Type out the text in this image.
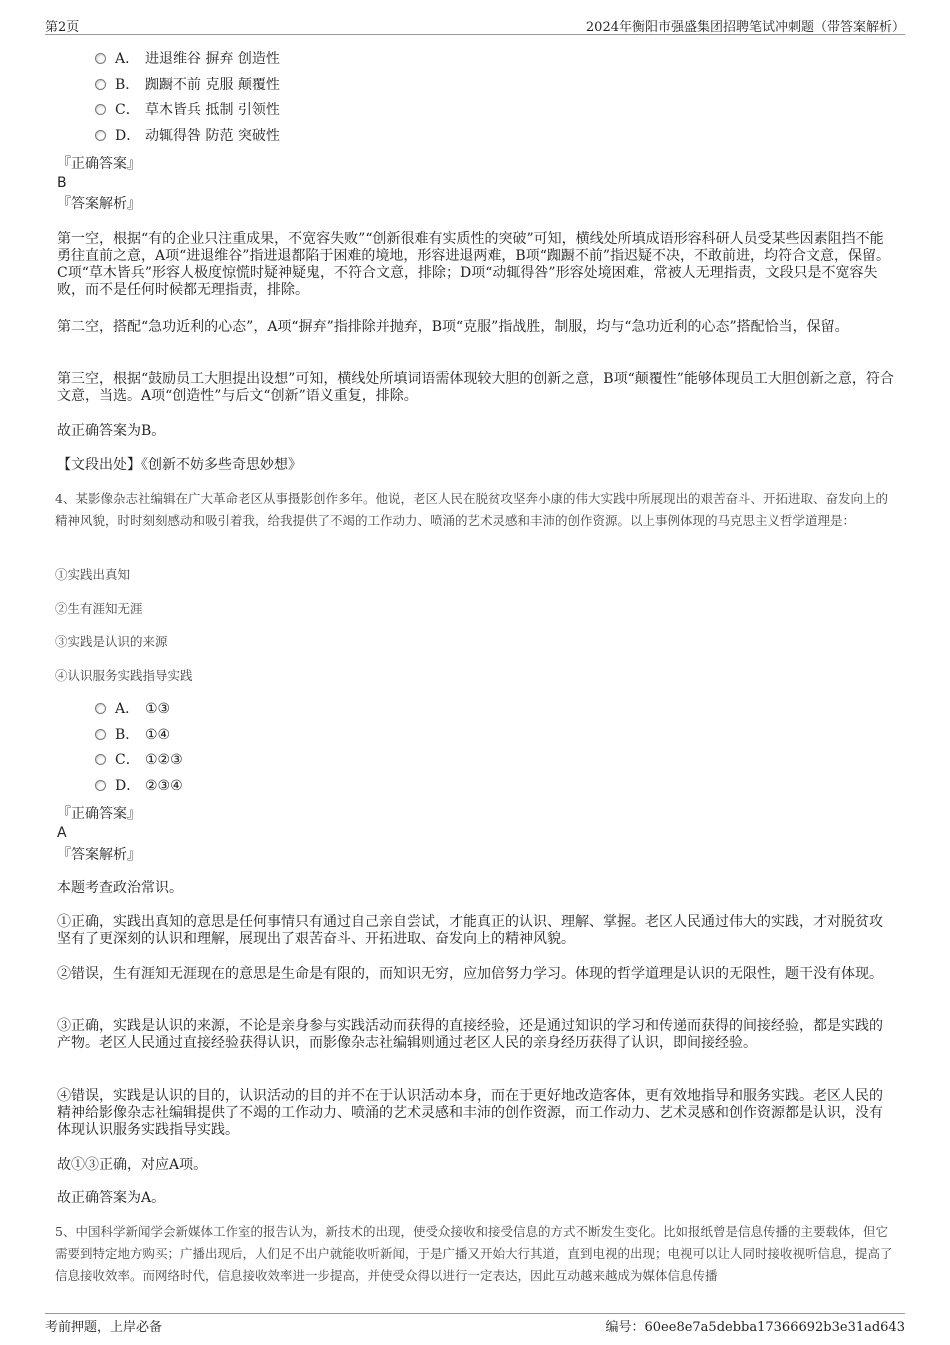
第2页	2024年衡阳市强盛集团招聘笔试冲刺题（带答案解析）
A． 进退维谷 摒弃 创造性
B． 踟蹰不前 克服 颠覆性
C． 草木皆兵 抵制 引领性
D． 动辄得咎 防范 突破性
『正确答案』
B
『答案解析』
第一空，根据“有的企业只注重成果，不宽容失败”“创新很难有实质性的突破”可知，横线处所填成语形容科研人员受某些因素阻挡不能勇往直前之意，A项“进退维谷”指进退都陷于困难的境地，形容进退两难，B项“踟蹰不前”指迟疑不决，不敢前进，均符合文意，保留。C项“草木皆兵”形容人极度惊慌时疑神疑鬼，不符合文意，排除；D项“动辄得咎”形容处境困难，常被人无理指责，文段只是不宽容失败，而不是任何时候都无理指责，排除。
第二空，搭配“急功近利的心态”，A项“摒弃”指排除并抛弃，B项“克服”指战胜，制服，均与“急功近利的心态”搭配恰当，保留。
第三空，根据“鼓励员工大胆提出设想”可知，横线处所填词语需体现较大胆的创新之意，B项“颠覆性”能够体现员工大胆创新之意，符合文意，当选。A项“创造性”与后文“创新”语义重复，排除。
故正确答案为B。
【文段出处】《创新不妨多些奇思妙想》
4、某影像杂志社编辑在广大革命老区从事摄影创作多年。他说，老区人民在脱贫攻坚奔小康的伟大实践中所展现出的艰苦奋斗、开拓进取、奋发向上的精神风貌，时时刻刻感动和吸引着我，给我提供了不竭的工作动力、喷涌的艺术灵感和丰沛的创作资源。以上事例体现的马克思主义哲学道理是：
①实践出真知
②生有涯知无涯
③实践是认识的来源
④认识服务实践指导实践
A． ①③
B． ①④
C． ①②③
D． ②③④
『正确答案』
A
『答案解析』
本题考查政治常识。
①正确，实践出真知的意思是任何事情只有通过自己亲自尝试，才能真正的认识、理解、掌握。老区人民通过伟大的实践，才对脱贫攻坚有了更深刻的认识和理解，展现出了艰苦奋斗、开拓进取、奋发向上的精神风貌。
②错误，生有涯知无涯现在的意思是生命是有限的，而知识无穷，应加倍努力学习。体现的哲学道理是认识的无限性，题干没有体现。
③正确，实践是认识的来源，不论是亲身参与实践活动而获得的直接经验，还是通过知识的学习和传递而获得的间接经验，都是实践的产物。老区人民通过直接经验获得认识，而影像杂志社编辑则通过老区人民的亲身经历获得了认识，即间接经验。
④错误，实践是认识的目的，认识活动的目的并不在于认识活动本身，而在于更好地改造客体，更有效地指导和服务实践。老区人民的精神给影像杂志社编辑提供了不竭的工作动力、喷涌的艺术灵感和丰沛的创作资源，而工作动力、艺术灵感和创作资源都是认识，没有体现认识服务实践指导实践。
故①③正确，对应A项。
故正确答案为A。
5、中国科学新闻学会新媒体工作室的报告认为，新技术的出现，使受众接收和接受信息的方式不断发生变化。比如报纸曾是信息传播的主要载体，但它需要到特定地方购买；广播出现后，人们足不出户就能收听新闻，于是广播又开始大行其道，直到电视的出现；电视可以让人同时接收视听信息，提高了信息接收效率。而网络时代，信息接收效率进一步提高，并使受众得以进行一定表达，因此互动越来越成为媒体信息传播
考前押题，上岸必备	编号：60ee8e7a5debba17366692b3e31ad643
